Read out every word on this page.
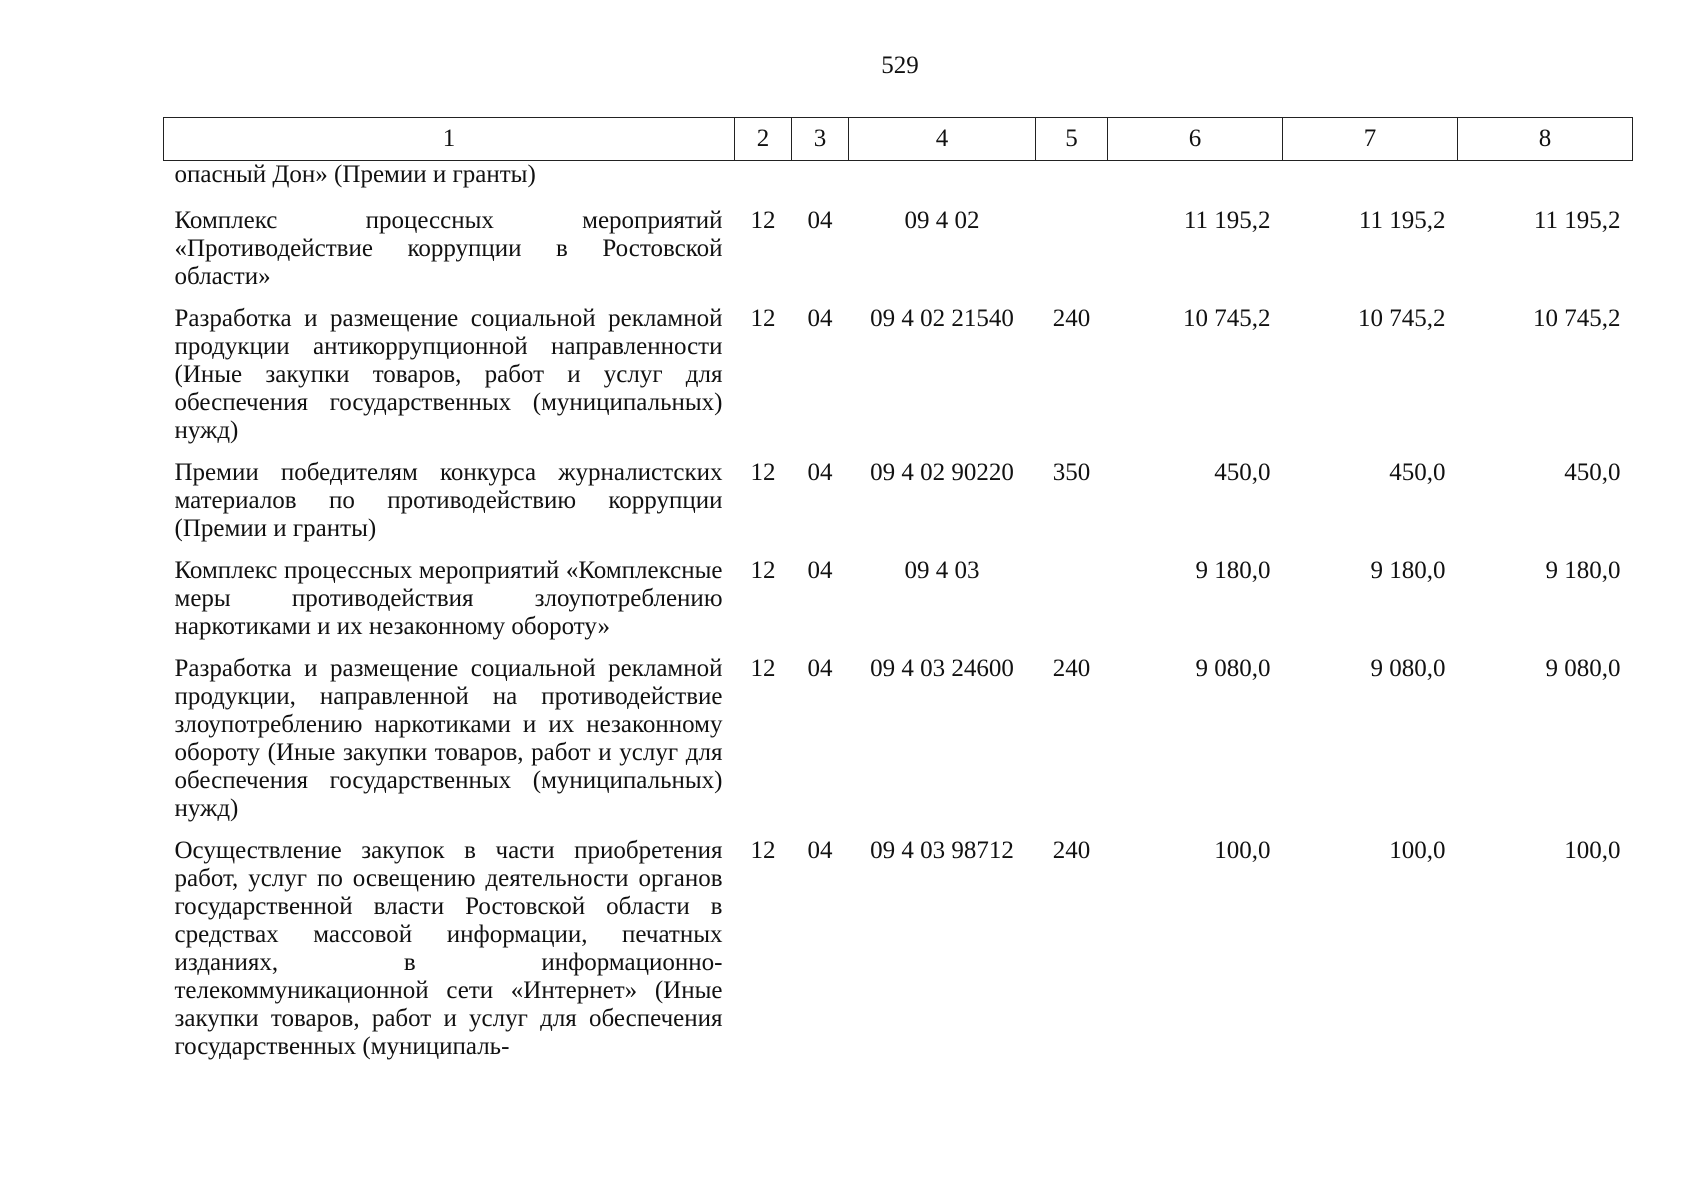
529
1	2	3	4	5	6	7	8
опасный Дон» (Премии и гранты)							
Комплекс процессных мероприятий «Противодействие коррупции в Ростовской области»	12	04	09 4 02		11 195,2	11 195,2	11 195,2
Разработка и размещение социальной рекламной продукции антикоррупционной направленности (Иные закупки товаров, работ и услуг для обеспечения государственных (муниципальных) нужд)	12	04	09 4 02 21540	240	10 745,2	10 745,2	10 745,2
Премии победителям конкурса журналистских материалов по противодействию коррупции (Премии и гранты)	12	04	09 4 02 90220	350	450,0	450,0	450,0
Комплекс процессных мероприятий «Комплексные меры противодействия злоупотреблению наркотиками и их незаконному обороту»	12	04	09 4 03		9 180,0	9 180,0	9 180,0
Разработка и размещение социальной рекламной продукции, направленной на противодействие злоупотреблению наркотиками и их незаконному обороту (Иные закупки товаров, работ и услуг для обеспечения государственных (муниципальных) нужд)	12	04	09 4 03 24600	240	9 080,0	9 080,0	9 080,0
Осуществление закупок в части приобретения работ, услуг по освещению деятельности органов государственной власти Ростовской области в средствах массовой информации, печатных изданиях, в информационно-телекоммуникационной сети «Интернет» (Иные закупки товаров, работ и услуг для обеспечения государственных (муниципаль-	12	04	09 4 03 98712	240	100,0	100,0	100,0
